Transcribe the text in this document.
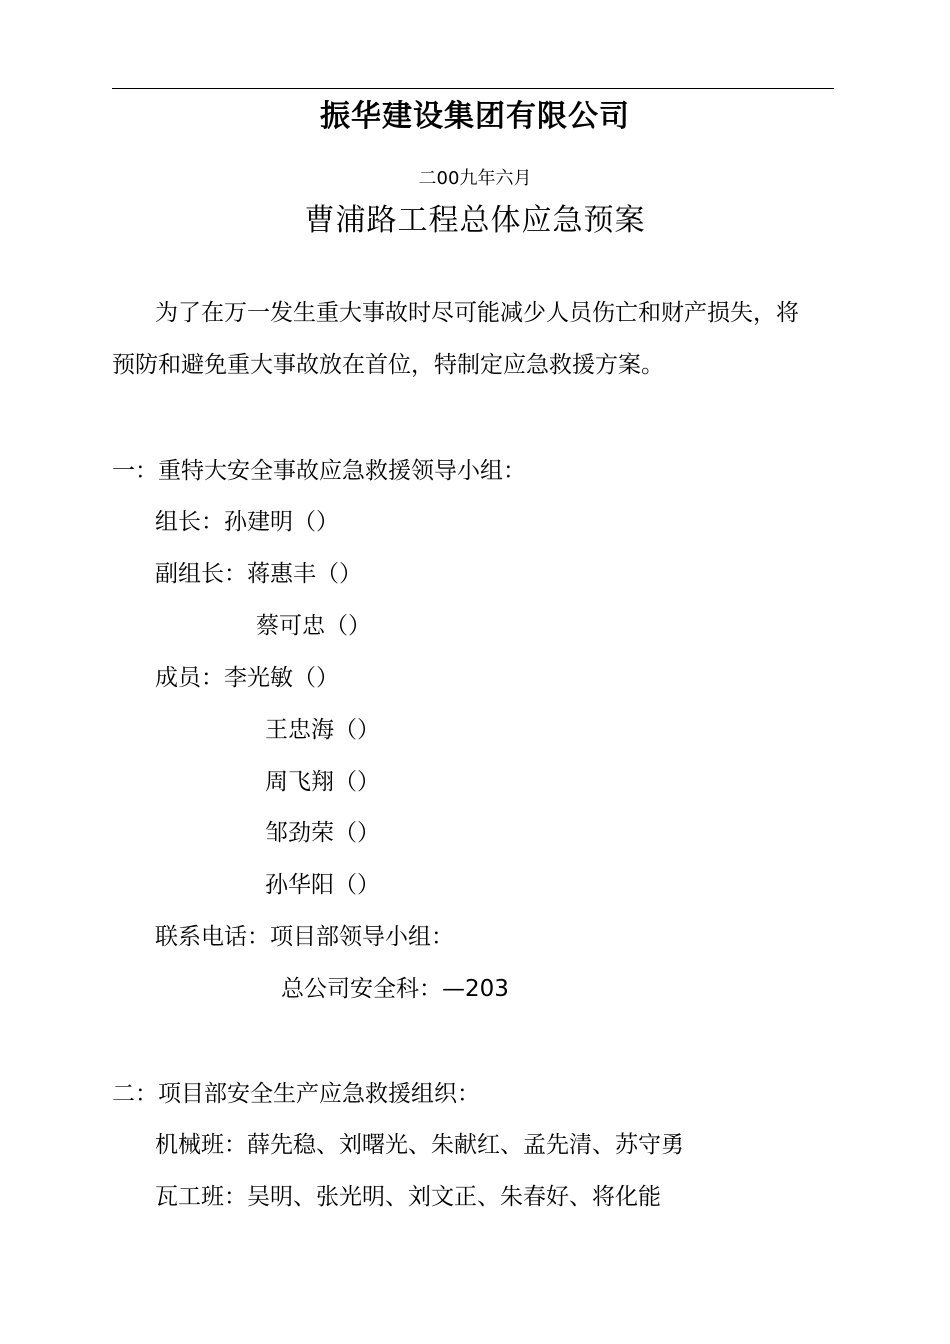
振华建设集团有限公司
二00九年六月
曹浦路工程总体应急预案
为了在万一发生重大事故时尽可能减少人员伤亡和财产损失，将
预防和避免重大事故放在首位，特制定应急救援方案。
一：重特大安全事故应急救援领导小组：
组长：孙建明（）
副组长：蒋惠丰（）
蔡可忠（）
成员：李光敏（）
王忠海（）
周飞翔（）
邹劲荣（）
孙华阳（）
联系电话：项目部领导小组：
总公司安全科：—203
二：项目部安全生产应急救援组织：
机械班：薛先稳、刘曙光、朱献红、孟先清、苏守勇
瓦工班：吴明、张光明、刘文正、朱春好、将化能
